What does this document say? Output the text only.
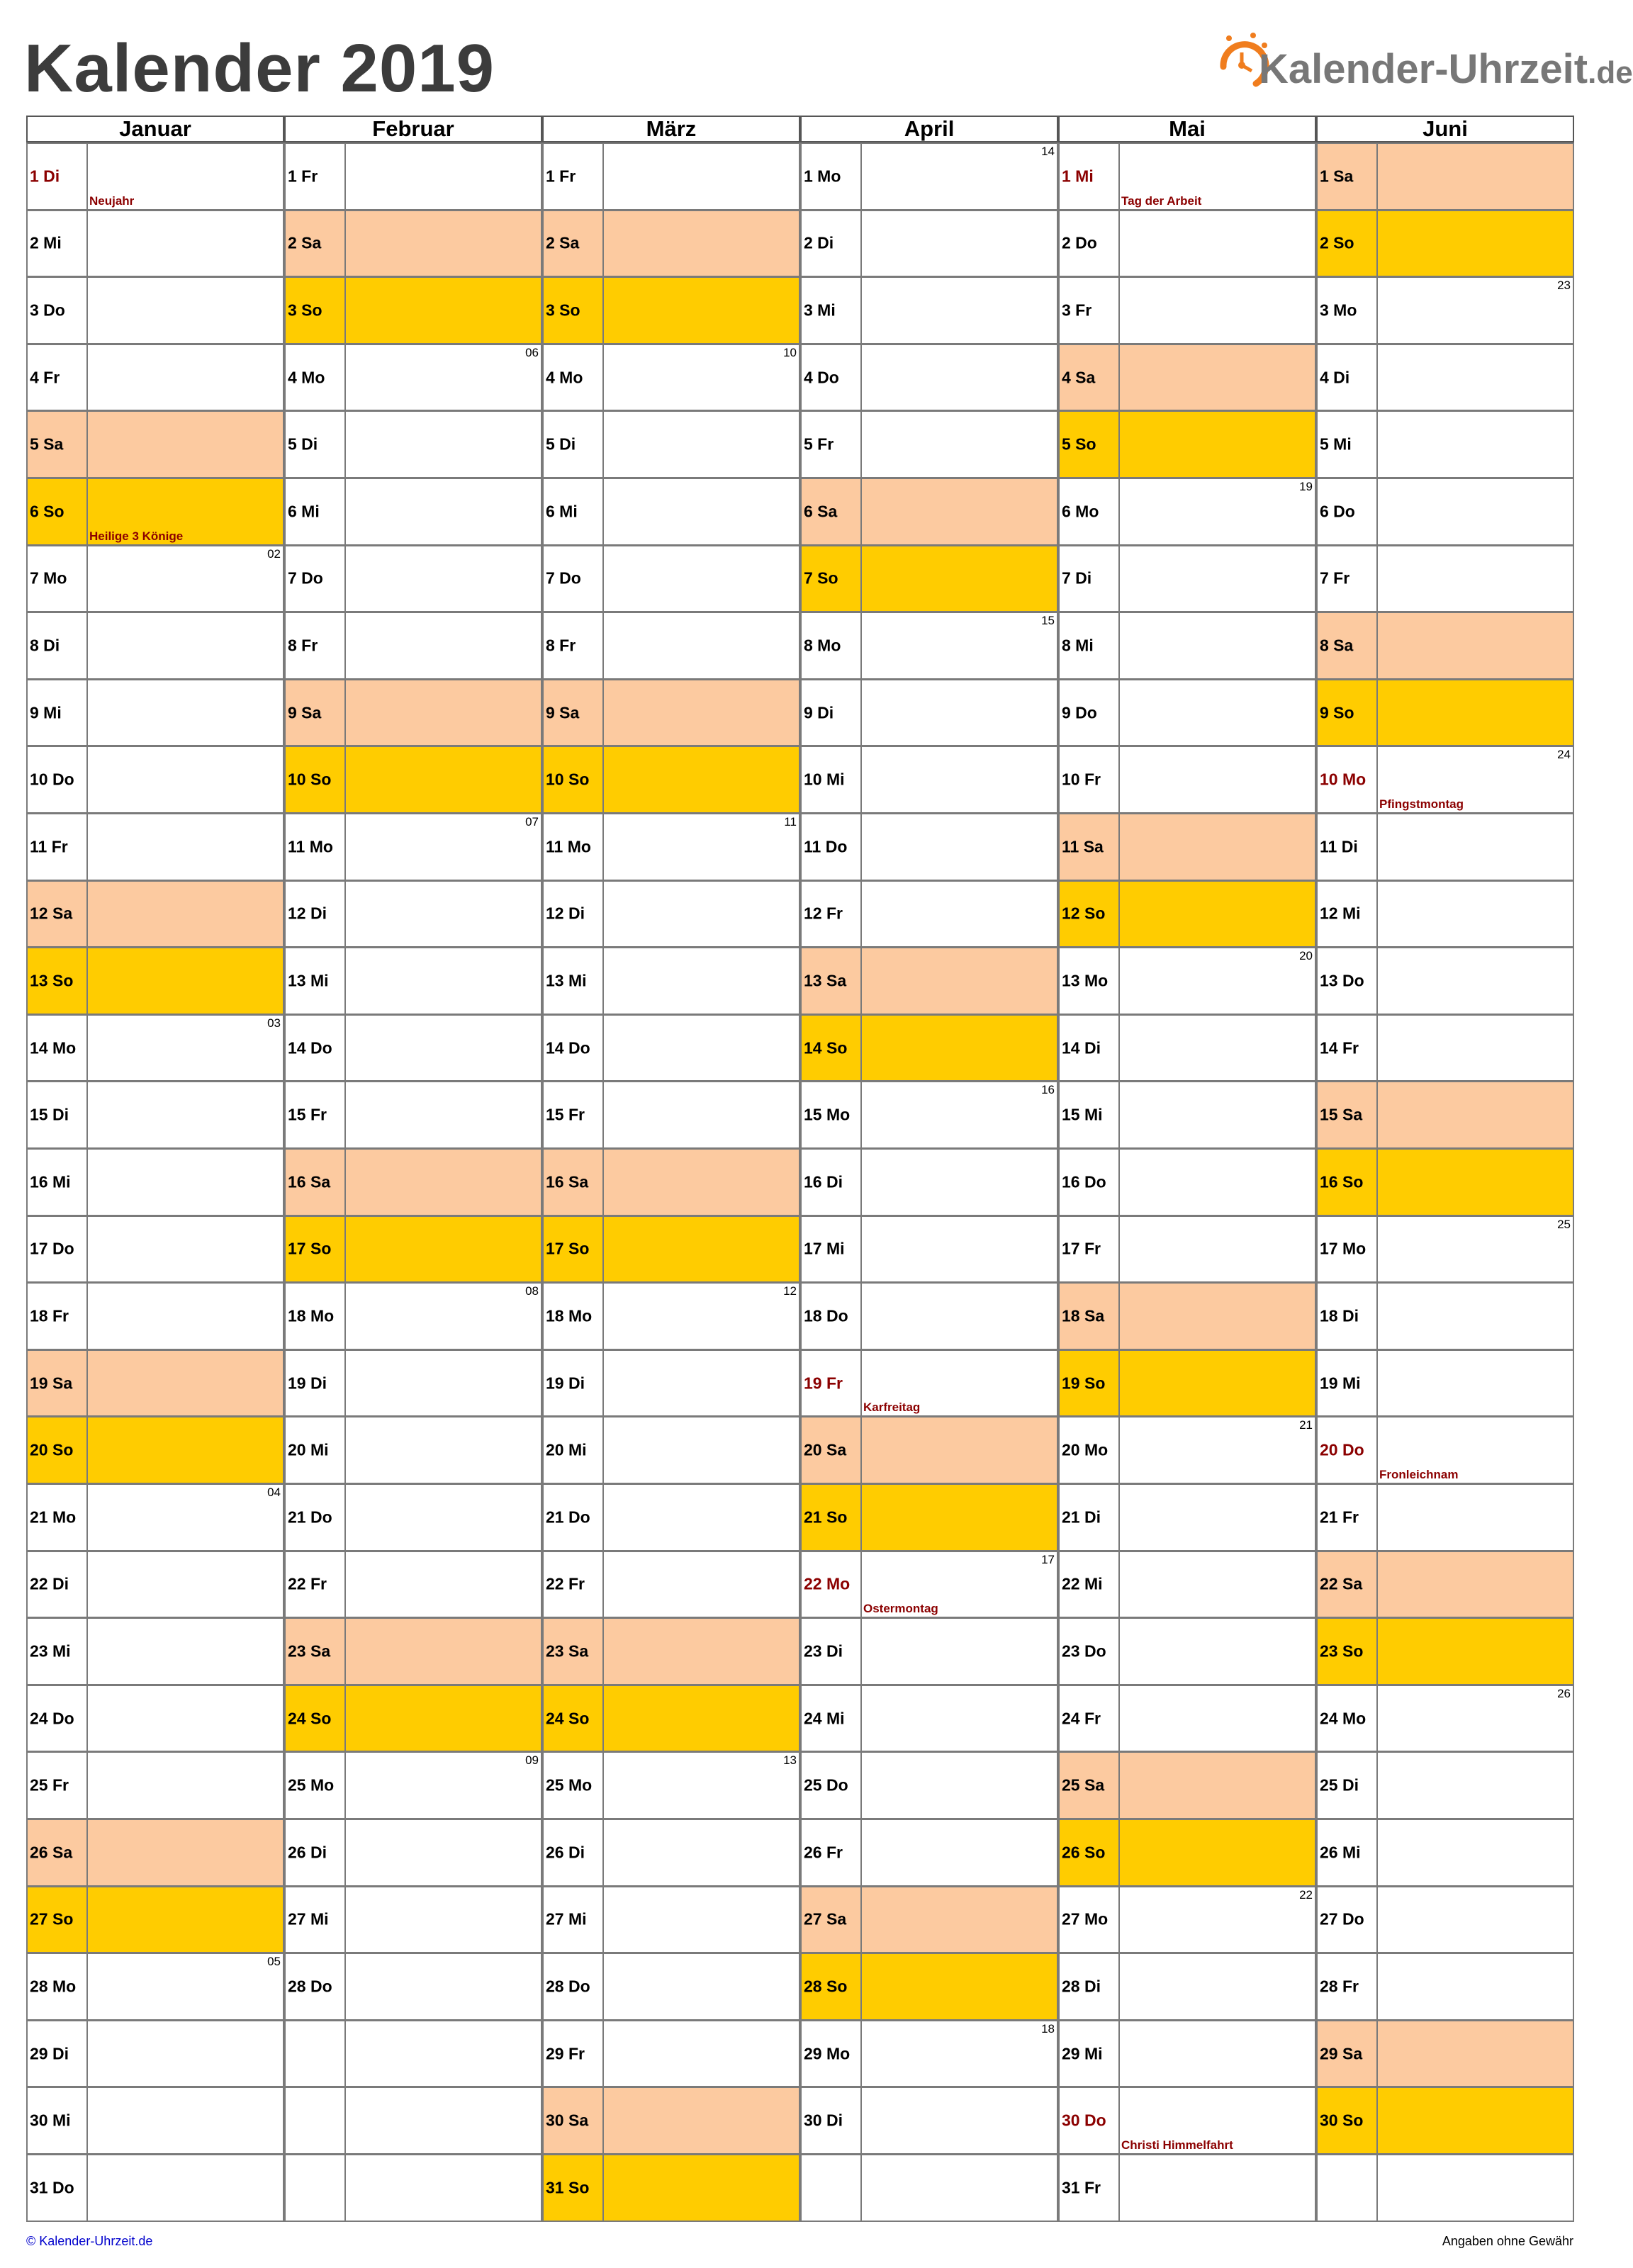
Kalender 2019	Kalender-Uhrzeit.de
Januar
1 Di
Neujahr
2 Mi
3 Do
4 Fr
5 Sa
6 So
Heilige 3 Könige
7 Mo
02
8 Di
9 Mi
10 Do
11 Fr
12 Sa
13 So
14 Mo
03
15 Di
16 Mi
17 Do
18 Fr
19 Sa
20 So
21 Mo
04
22 Di
23 Mi
24 Do
25 Fr
26 Sa
27 So
28 Mo
05
29 Di
30 Mi
31 Do
Februar
1 Fr
2 Sa
3 So
4 Mo
06
5 Di
6 Mi
7 Do
8 Fr
9 Sa
10 So
11 Mo
07
12 Di
13 Mi
14 Do
15 Fr
16 Sa
17 So
18 Mo
08
19 Di
20 Mi
21 Do
22 Fr
23 Sa
24 So
25 Mo
09
26 Di
27 Mi
28 Do
März
1 Fr
2 Sa
3 So
4 Mo
10
5 Di
6 Mi
7 Do
8 Fr
9 Sa
10 So
11 Mo
11
12 Di
13 Mi
14 Do
15 Fr
16 Sa
17 So
18 Mo
12
19 Di
20 Mi
21 Do
22 Fr
23 Sa
24 So
25 Mo
13
26 Di
27 Mi
28 Do
29 Fr
30 Sa
31 So
April
1 Mo
14
2 Di
3 Mi
4 Do
5 Fr
6 Sa
7 So
8 Mo
15
9 Di
10 Mi
11 Do
12 Fr
13 Sa
14 So
15 Mo
16
16 Di
17 Mi
18 Do
19 Fr
Karfreitag
20 Sa
21 So
22 Mo
Ostermontag
17
23 Di
24 Mi
25 Do
26 Fr
27 Sa
28 So
29 Mo
18
30 Di
Mai
1 Mi
Tag der Arbeit
2 Do
3 Fr
4 Sa
5 So
6 Mo
19
7 Di
8 Mi
9 Do
10 Fr
11 Sa
12 So
13 Mo
20
14 Di
15 Mi
16 Do
17 Fr
18 Sa
19 So
20 Mo
21
21 Di
22 Mi
23 Do
24 Fr
25 Sa
26 So
27 Mo
22
28 Di
29 Mi
30 Do
Christi Himmelfahrt
31 Fr
Juni
1 Sa
2 So
3 Mo
23
4 Di
5 Mi
6 Do
7 Fr
8 Sa
9 So
10 Mo
Pfingstmontag
24
11 Di
12 Mi
13 Do
14 Fr
15 Sa
16 So
17 Mo
25
18 Di
19 Mi
20 Do
Fronleichnam
21 Fr
22 Sa
23 So
24 Mo
26
25 Di
26 Mi
27 Do
28 Fr
29 Sa
30 So
© Kalender-Uhrzeit.de	Angaben ohne Gewähr
